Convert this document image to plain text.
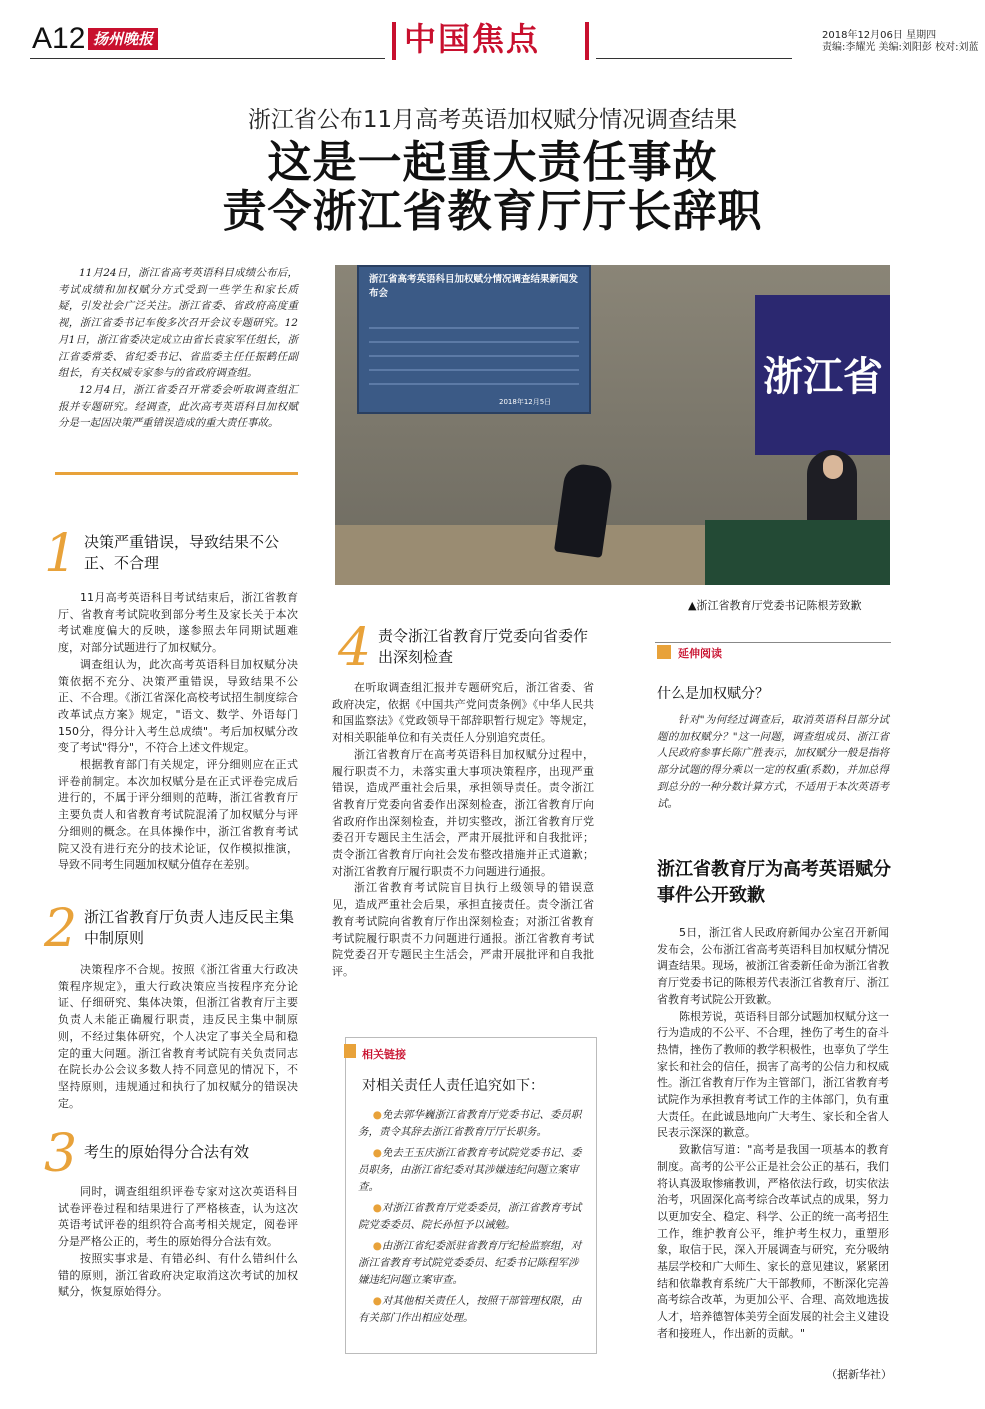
A12 扬州晚报	中国焦点	2018年12月06日 星期四
责编:李耀光 美编:刘阳彭 校对:刘蓝
浙江省公布11月高考英语加权赋分情况调查结果
这是一起重大责任事故
责令浙江省教育厅厅长辞职

11月24日，浙江省高考英语科目成绩公布后，考试成绩和加权赋分方式受到一些学生和家长质疑，引发社会广泛关注。浙江省委、省政府高度重视，浙江省委书记车俊多次召开会议专题研究。12月1日，浙江省委决定成立由省长袁家军任组长，浙江省委常委、省纪委书记、省监委主任任振鹤任副组长，有关权威专家参与的省政府调查组。

12月4日，浙江省委召开常委会听取调查组汇报并专题研究。经调查，此次高考英语科目加权赋分是一起因决策严重错误造成的重大责任事故。

1 决策严重错误，导致结果不公正、不合理

11月高考英语科目考试结束后，浙江省教育厅、省教育考试院收到部分考生及家长关于本次考试难度偏大的反映，遂参照去年同期试题难度，对部分试题进行了加权赋分。

调查组认为，此次高考英语科目加权赋分决策依据不充分、决策严重错误，导致结果不公正、不合理。《浙江省深化高校考试招生制度综合改革试点方案》规定，"语文、数学、外语每门150分，得分计入考生总成绩"。考后加权赋分改变了考试"得分"，不符合上述文件规定。

根据教育部门有关规定，评分细则应在正式评卷前制定。本次加权赋分是在正式评卷完成后进行的，不属于评分细则的范畴，浙江省教育厅主要负责人和省教育考试院混淆了加权赋分与评分细则的概念。在具体操作中，浙江省教育考试院又没有进行充分的技术论证，仅作模拟推演，导致不同考生同题加权赋分值存在差别。

2 浙江省教育厅负责人违反民主集中制原则

决策程序不合规。按照《浙江省重大行政决策程序规定》，重大行政决策应当按程序充分论证、仔细研究、集体决策，但浙江省教育厅主要负责人未能正确履行职责，违反民主集中制原则，不经过集体研究，个人决定了事关全局和稳定的重大问题。浙江省教育考试院有关负责同志在院长办公会议多数人持不同意见的情况下，不坚持原则，违规通过和执行了加权赋分的错误决定。

3 考生的原始得分合法有效

同时，调查组组织评卷专家对这次英语科目试卷评卷过程和结果进行了严格核查，认为这次英语考试评卷的组织符合高考相关规定，阅卷评分是严格公正的，考生的原始得分合法有效。

按照实事求是、有错必纠、有什么错纠什么错的原则，浙江省政府决定取消这次考试的加权赋分，恢复原始得分。

浙江省高考英语科目加权赋分情况调查结果新闻发布会
2018年12月5日
浙江省
▲浙江省教育厅党委书记陈根芳致歉
4 责令浙江省教育厅党委向省委作出深刻检查

在听取调查组汇报并专题研究后，浙江省委、省政府决定，依据《中国共产党问责条例》《中华人民共和国监察法》《党政领导干部辞职暂行规定》等规定，对相关职能单位和有关责任人分别追究责任。

浙江省教育厅在高考英语科目加权赋分过程中，履行职责不力，未落实重大事项决策程序，出现严重错误，造成严重社会后果，承担领导责任。责令浙江省教育厅党委向省委作出深刻检查，浙江省教育厅向省政府作出深刻检查，并切实整改，浙江省教育厅党委召开专题民主生活会，严肃开展批评和自我批评；责令浙江省教育厅向社会发布整改措施并正式道歉；对浙江省教育厅履行职责不力问题进行通报。

浙江省教育考试院盲目执行上级领导的错误意见，造成严重社会后果，承担直接责任。责令浙江省教育考试院向省教育厅作出深刻检查；对浙江省教育考试院履行职责不力问题进行通报。浙江省教育考试院党委召开专题民主生活会，严肃开展批评和自我批评。

相关链接
对相关责任人责任追究如下：

●免去郭华巍浙江省教育厅党委书记、委员职务，责令其辞去浙江省教育厅厅长职务。

●免去王玉庆浙江省教育考试院党委书记、委员职务，由浙江省纪委对其涉嫌违纪问题立案审查。

●对浙江省教育厅党委委员，浙江省教育考试院党委委员、院长孙恒予以诫勉。

●由浙江省纪委派驻省教育厅纪检监察组，对浙江省教育考试院党委委员、纪委书记陈程军涉嫌违纪问题立案审查。

●对其他相关责任人，按照干部管理权限，由有关部门作出相应处理。

延伸阅读
什么是加权赋分？

针对"为何经过调查后，取消英语科目部分试题的加权赋分？"这一问题，调查组成员、浙江省人民政府参事长陈广胜表示，加权赋分一般是指将部分试题的得分乘以一定的权重(系数)，并加总得到总分的一种分数计算方式，不适用于本次英语考试。

浙江省教育厅为高考英语赋分事件公开致歉

5日，浙江省人民政府新闻办公室召开新闻发布会，公布浙江省高考英语科目加权赋分情况调查结果。现场，被浙江省委新任命为浙江省教育厅党委书记的陈根芳代表浙江省教育厅、浙江省教育考试院公开致歉。

陈根芳说，英语科目部分试题加权赋分这一行为造成的不公平、不合理，挫伤了考生的奋斗热情，挫伤了教师的教学积极性，也辜负了学生家长和社会的信任，损害了高考的公信力和权威性。浙江省教育厅作为主管部门，浙江省教育考试院作为承担教育考试工作的主体部门，负有重大责任。在此诚恳地向广大考生、家长和全省人民表示深深的歉意。

致歉信写道："高考是我国一项基本的教育制度。高考的公平公正是社会公正的基石，我们将认真汲取惨痛教训，严格依法行政，切实依法治考，巩固深化高考综合改革试点的成果，努力以更加安全、稳定、科学、公正的统一高考招生工作，维护教育公平，维护考生权力，重塑形象，取信于民，深入开展调查与研究，充分吸纳基层学校和广大师生、家长的意见建议，紧紧团结和依靠教育系统广大干部教师，不断深化完善高考综合改革，为更加公平、合理、高效地选拔人才，培养德智体美劳全面发展的社会主义建设者和接班人，作出新的贡献。"

（据新华社）
